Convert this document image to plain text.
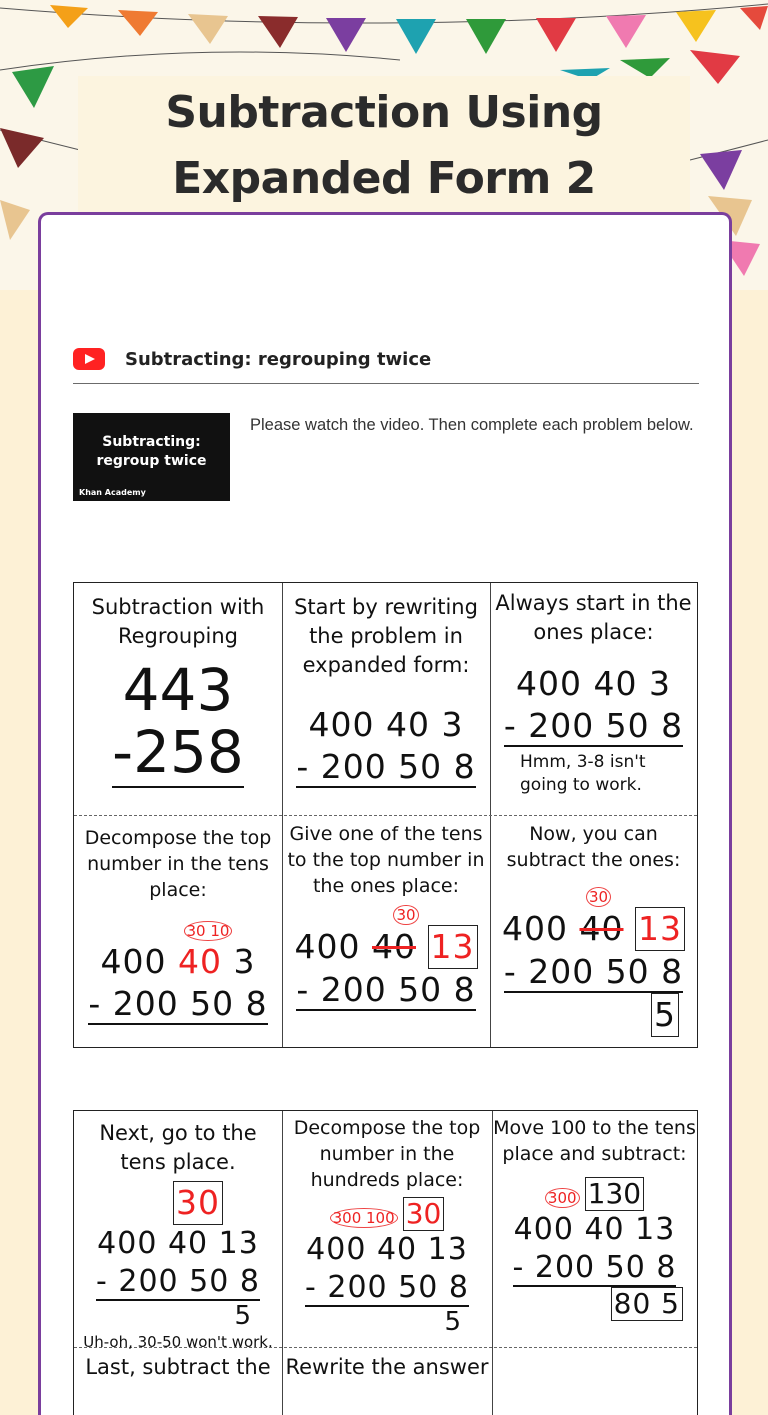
Subtraction Using Expanded Form 2
Subtracting: regrouping twice
Subtracting: regroup twice
Khan Academy
Please watch the video. Then complete each problem below.
Subtraction with Regrouping
443
-258
Start by rewriting the problem in expanded form:
400 40 3
- 200 50 8
Always start in the ones place:
400 40 3
- 200 50 8
Hmm, 3-8 isn't going to work.
Decompose the top number in the tens place:
30 10
400 40 3
- 200 50 8
Give one of the tens to the top number in the ones place:
30
400 40 13
- 200 50 8
Now, you can subtract the ones:
30
400 40 13
- 200 50 8
5
Next, go to the tens place.
30
400 40 13
- 200 50 8
5
Uh-oh, 30-50 won't work.
Decompose the top number in the hundreds place:
300 100 30
400 40 13
- 200 50 8
5
Move 100 to the tens place and subtract:
300 130
400 40 13
- 200 50 8
80 5
Last, subtract the Rewrite the answer
